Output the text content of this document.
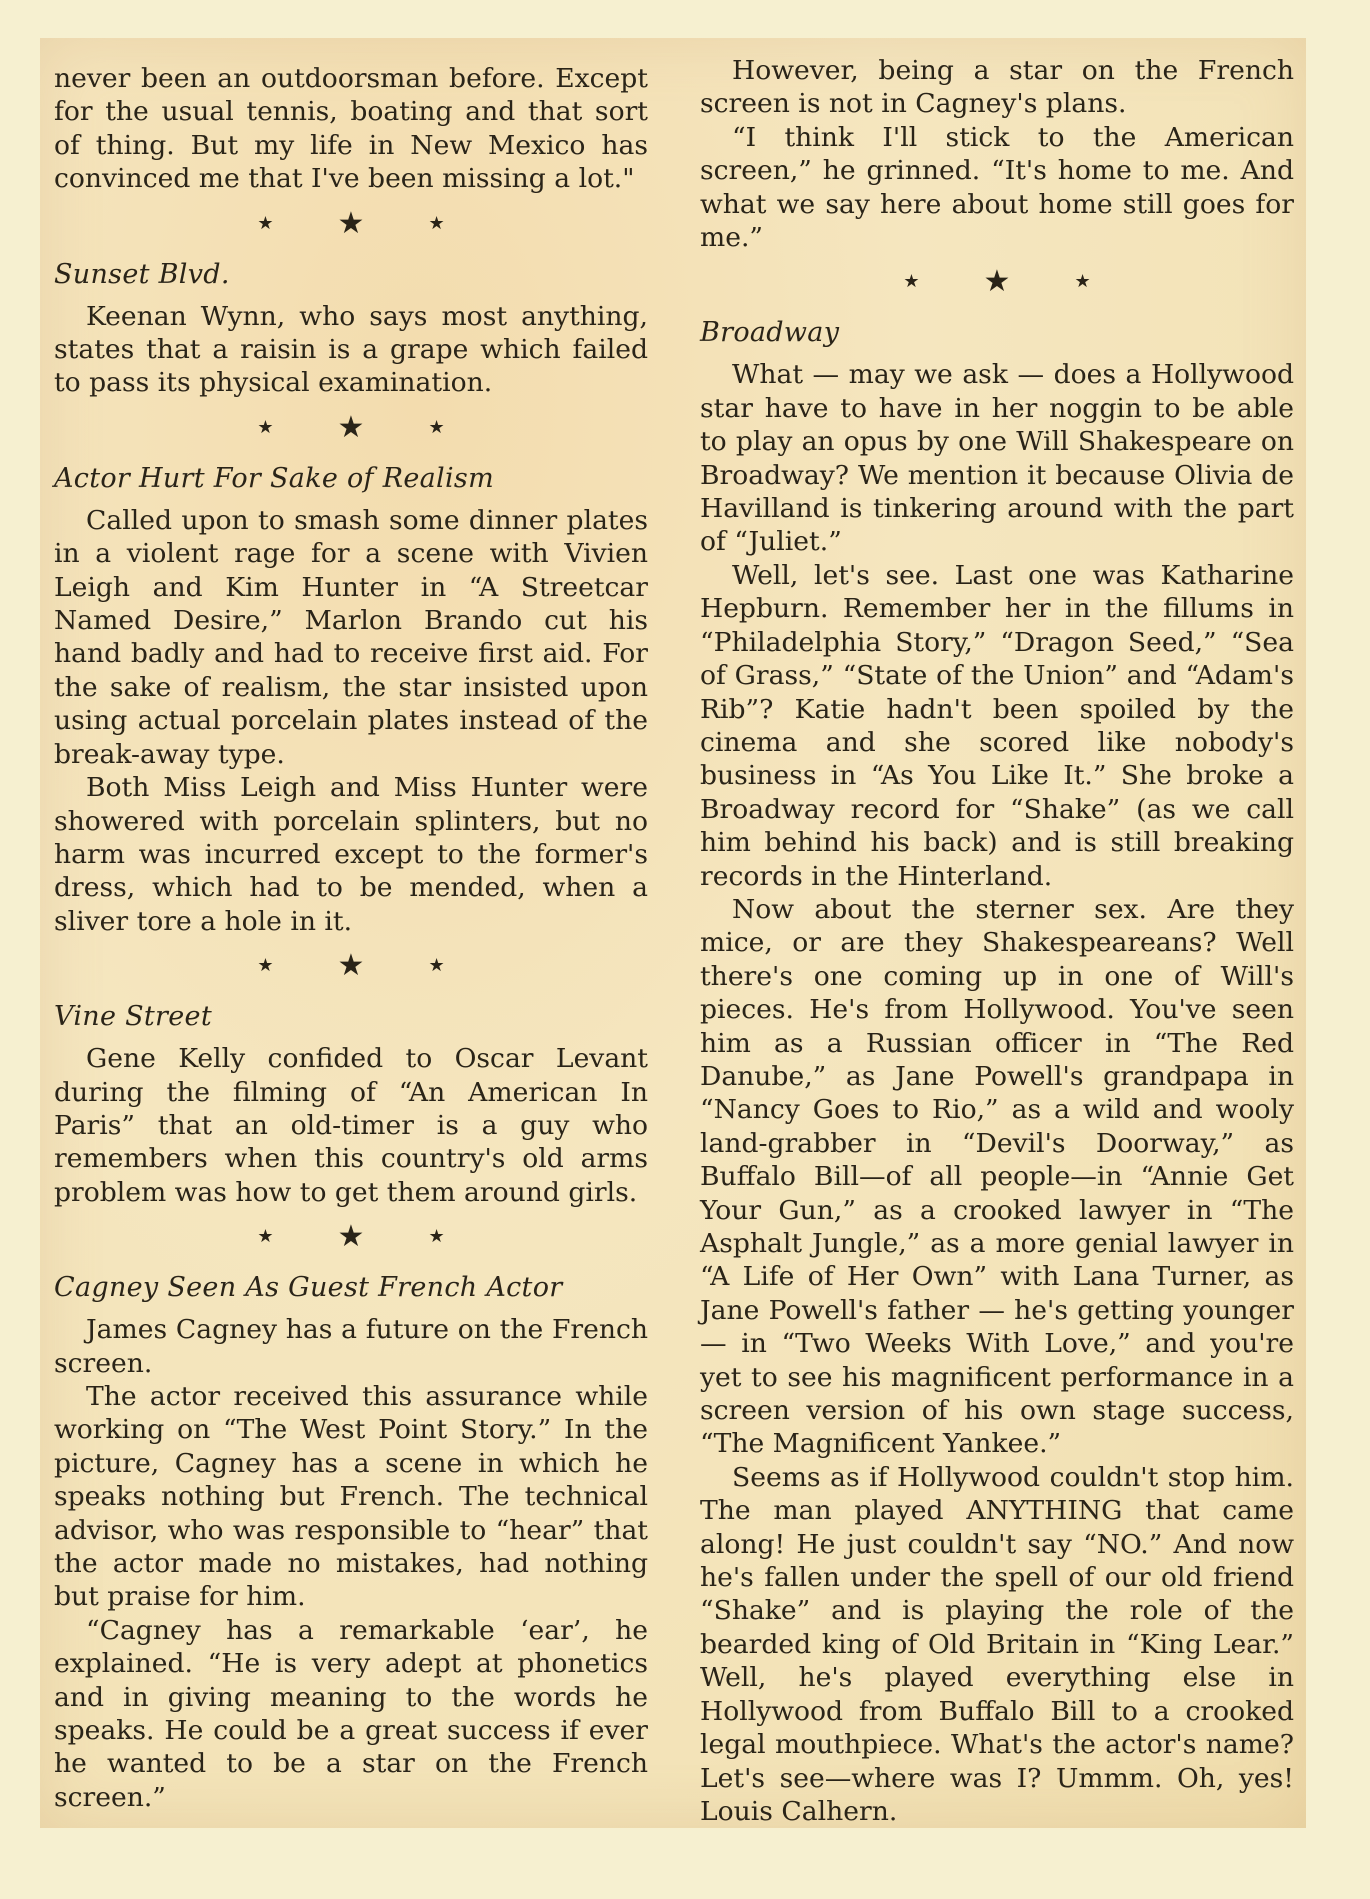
never been an outdoorsman before. Except for the usual tennis, boating and that sort of thing. But my life in New Mexico has convinced me that I've been missing a lot."

★ ★	★
Sunset Blvd.

Keenan Wynn, who says most anything, states that a raisin is a grape which failed to pass its physical examination.

★ ★	★
Actor Hurt For Sake of Realism

Called upon to smash some dinner plates in a violent rage for a scene with Vivien Leigh and Kim Hunter in “A Streetcar Named Desire,” Marlon Brando cut his hand badly and had to receive first aid. For the sake of realism, the star insisted upon using actual porcelain plates instead of the break-away type.

Both Miss Leigh and Miss Hunter were showered with porcelain splinters, but no harm was incurred except to the former's dress, which had to be mended, when a sliver tore a hole in it.

★ ★	★
Vine Street

Gene Kelly confided to Oscar Levant during the filming of “An American In Paris” that an old-timer is a guy who remembers when this country's old arms problem was how to get them around girls.

★ ★	★
Cagney Seen As Guest French Actor

James Cagney has a future on the French screen.

The actor received this assurance while working on “The West Point Story.” In the picture, Cagney has a scene in which he speaks nothing but French. The technical advisor, who was responsible to “hear” that the actor made no mistakes, had nothing but praise for him.

“Cagney has a remarkable ‘ear’, he explained. “He is very adept at phonetics and in giving meaning to the words he speaks. He could be a great success if ever he wanted to be a star on the French screen.”

However, being a star on the French screen is not in Cagney's plans.

“I think I'll stick to the American screen,” he grinned. “It's home to me. And what we say here about home still goes for me.”

★ ★	★
Broadway

What — may we ask — does a Hollywood star have to have in her noggin to be able to play an opus by one Will Shakespeare on Broadway? We mention it because Olivia de Havilland is tinkering around with the part of “Juliet.”

Well, let's see. Last one was Katharine Hepburn. Remember her in the fillums in “Philadelphia Story,” “Dragon Seed,” “Sea of Grass,” “State of the Union” and “Adam's Rib”? Katie hadn't been spoiled by the cinema and she scored like nobody's business in “As You Like It.” She broke a Broadway record for “Shake” (as we call him behind his back) and is still breaking records in the Hinterland.

Now about the sterner sex. Are they mice, or are they Shakespeareans? Well there's one coming up in one of Will's pieces. He's from Hollywood. You've seen him as a Russian officer in “The Red Danube,” as Jane Powell's grandpapa in “Nancy Goes to Rio,” as a wild and wooly land-grabber in “Devil's Doorway,” as Buffalo Bill—of all people—in “Annie Get Your Gun,” as a crooked lawyer in “The Asphalt Jungle,” as a more genial lawyer in “A Life of Her Own” with Lana Turner, as Jane Powell's father — he's getting younger — in “Two Weeks With Love,” and you're yet to see his magnificent performance in a screen version of his own stage success, “The Magnificent Yankee.”

Seems as if Hollywood couldn't stop him. The man played ANYTHING that came along! He just couldn't say “NO.” And now he's fallen under the spell of our old friend “Shake” and is playing the role of the bearded king of Old Britain in “King Lear.” Well, he's played everything else in Hollywood from Buffalo Bill to a crooked legal mouthpiece. What's the actor's name? Let's see—where was I? Ummm. Oh, yes! Louis Calhern.
